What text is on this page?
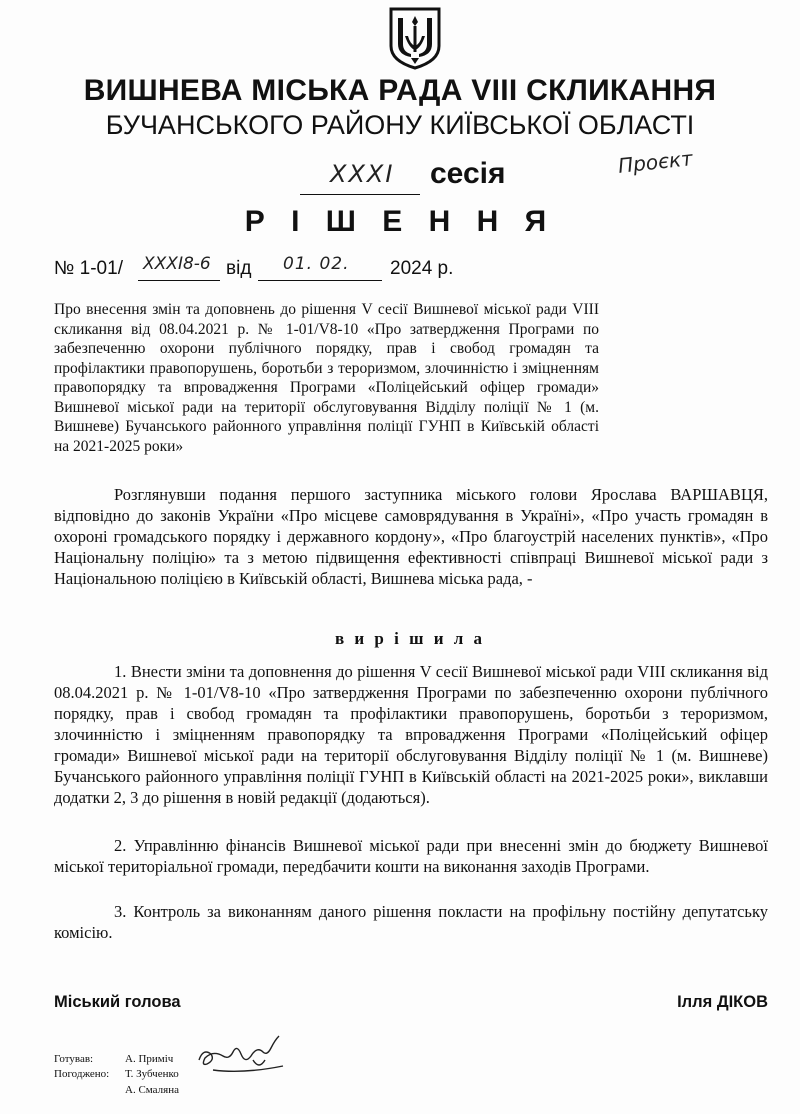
ВИШНЕВА МІСЬКА РАДА VIII СКЛИКАННЯ
БУЧАНСЬКОГО РАЙОНУ КИЇВСЬКОЇ ОБЛАСТІ
XXXI сесія	Проєкт
Р І Ш Е Н Н Я
№ 1-01/ XXXI8-6 від 01. 02. 2024 р.
Про внесення змін та доповнень до рішення V сесії Вишневої міської ради VIII скликання від 08.04.2021 р. № 1-01/V8-10 «Про затвердження Програми по забезпеченню охорони публічного порядку, прав і свобод громадян та профілактики правопорушень, боротьби з тероризмом, злочинністю і зміцненням правопорядку та впровадження Програми «Поліцейський офіцер громади» Вишневої міської ради на території обслуговування Відділу поліції № 1 (м. Вишневе) Бучанського районного управління поліції ГУНП в Київській області на 2021-2025 роки»
Розглянувши подання першого заступника міського голови Ярослава ВАРШАВЦЯ, відповідно до законів України «Про місцеве самоврядування в Україні», «Про участь громадян в охороні громадського порядку і державного кордону», «Про благоустрій населених пунктів», «Про Національну поліцію» та з метою підвищення ефективності співпраці Вишневої міської ради з Національною поліцією в Київській області, Вишнева міська рада, -
в и р і ш и л а
1. Внести зміни та доповнення до рішення V сесії Вишневої міської ради VIII скликання від 08.04.2021 р. № 1-01/V8-10 «Про затвердження Програми по забезпеченню охорони публічного порядку, прав і свобод громадян та профілактики правопорушень, боротьби з тероризмом, злочинністю і зміцненням правопорядку та впровадження Програми «Поліцейський офіцер громади» Вишневої міської ради на території обслуговування Відділу поліції № 1 (м. Вишневе) Бучанського районного управління поліції ГУНП в Київській області на 2021-2025 роки», виклавши додатки 2, 3 до рішення в новій редакції (додаються).
2. Управлінню фінансів Вишневої міської ради при внесенні змін до бюджету Вишневої міської територіальної громади, передбачити кошти на виконання заходів Програми.
3. Контроль за виконанням даного рішення покласти на профільну постійну депутатську комісію.
Міський голова	Ілля ДІКОВ
Готував:
Погоджено:
А. Приміч
Т. Зубченко
А. Смаляна
